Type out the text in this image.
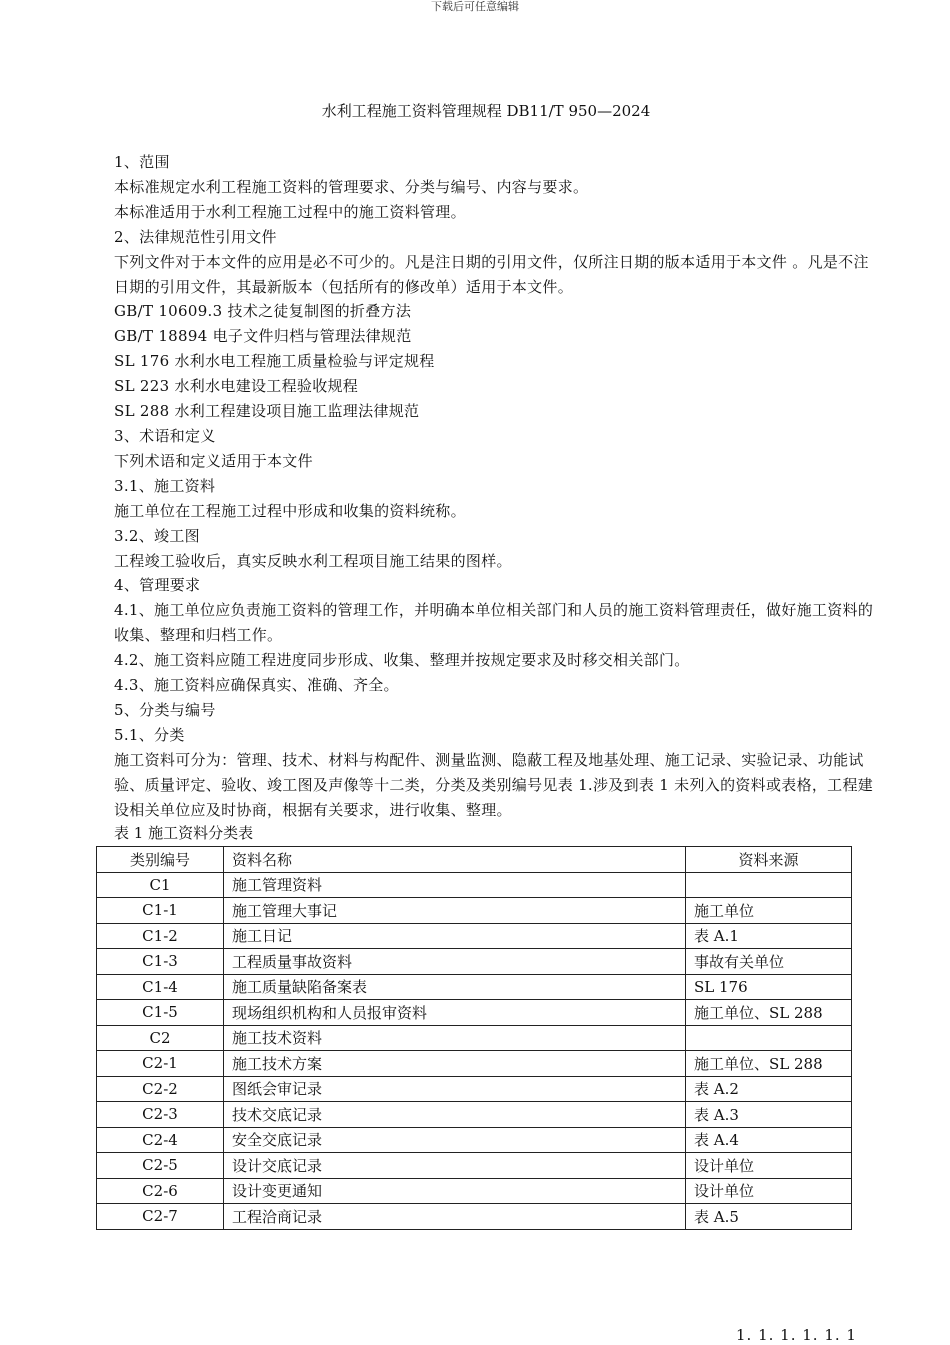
下载后可任意编辑
水利工程施工资料管理规程 DB11/T 950—2024

1、范围

本标准规定水利工程施工资料的管理要求、分类与编号、内容与要求。

本标准适用于水利工程施工过程中的施工资料管理。

2、法律规范性引用文件

下列文件对于本文件的应用是必不可少的。凡是注日期的引用文件，仅所注日期的版本适用于本文件 。凡是不注日期的引用文件，其最新版本（包括所有的修改单）适用于本文件。

GB/T 10609.3 技术之徒复制图的折叠方法

GB/T 18894 电子文件归档与管理法律规范

SL 176 水利水电工程施工质量检验与评定规程

SL 223 水利水电建设工程验收规程

SL 288 水利工程建设项目施工监理法律规范

3、术语和定义

下列术语和定义适用于本文件

3.1、施工资料

施工单位在工程施工过程中形成和收集的资料统称。

3.2、竣工图

工程竣工验收后，真实反映水利工程项目施工结果的图样。

4、管理要求

4.1、施工单位应负责施工资料的管理工作，并明确本单位相关部门和人员的施工资料管理责任，做好施工资料的收集、整理和归档工作。

4.2、施工资料应随工程进度同步形成、收集、整理并按规定要求及时移交相关部门。

4.3、施工资料应确保真实、准确、齐全。

5、分类与编号

5.1、分类

施工资料可分为：管理、技术、材料与构配件、测量监测、隐蔽工程及地基处理、施工记录、实验记录、功能试验、质量评定、验收、竣工图及声像等十二类，分类及类别编号见表 1.涉及到表 1 未列入的资料或表格，工程建设相关单位应及时协商，根据有关要求，进行收集、整理。

表 1 施工资料分类表

类别编号	资料名称	资料来源
C1	施工管理资料	
C1-1	施工管理大事记	施工单位
C1-2	施工日记	表 A.1
C1-3	工程质量事故资料	事故有关单位
C1-4	施工质量缺陷备案表	SL 176
C1-5	现场组织机构和人员报审资料	施工单位、SL 288
C2	施工技术资料	
C2-1	施工技术方案	施工单位、SL 288
C2-2	图纸会审记录	表 A.2
C2-3	技术交底记录	表 A.3
C2-4	安全交底记录	表 A.4
C2-5	设计交底记录	设计单位
C2-6	设计变更通知	设计单位
C2-7	工程洽商记录	表 A.5
1. 1. 1. 1. 1. 1
